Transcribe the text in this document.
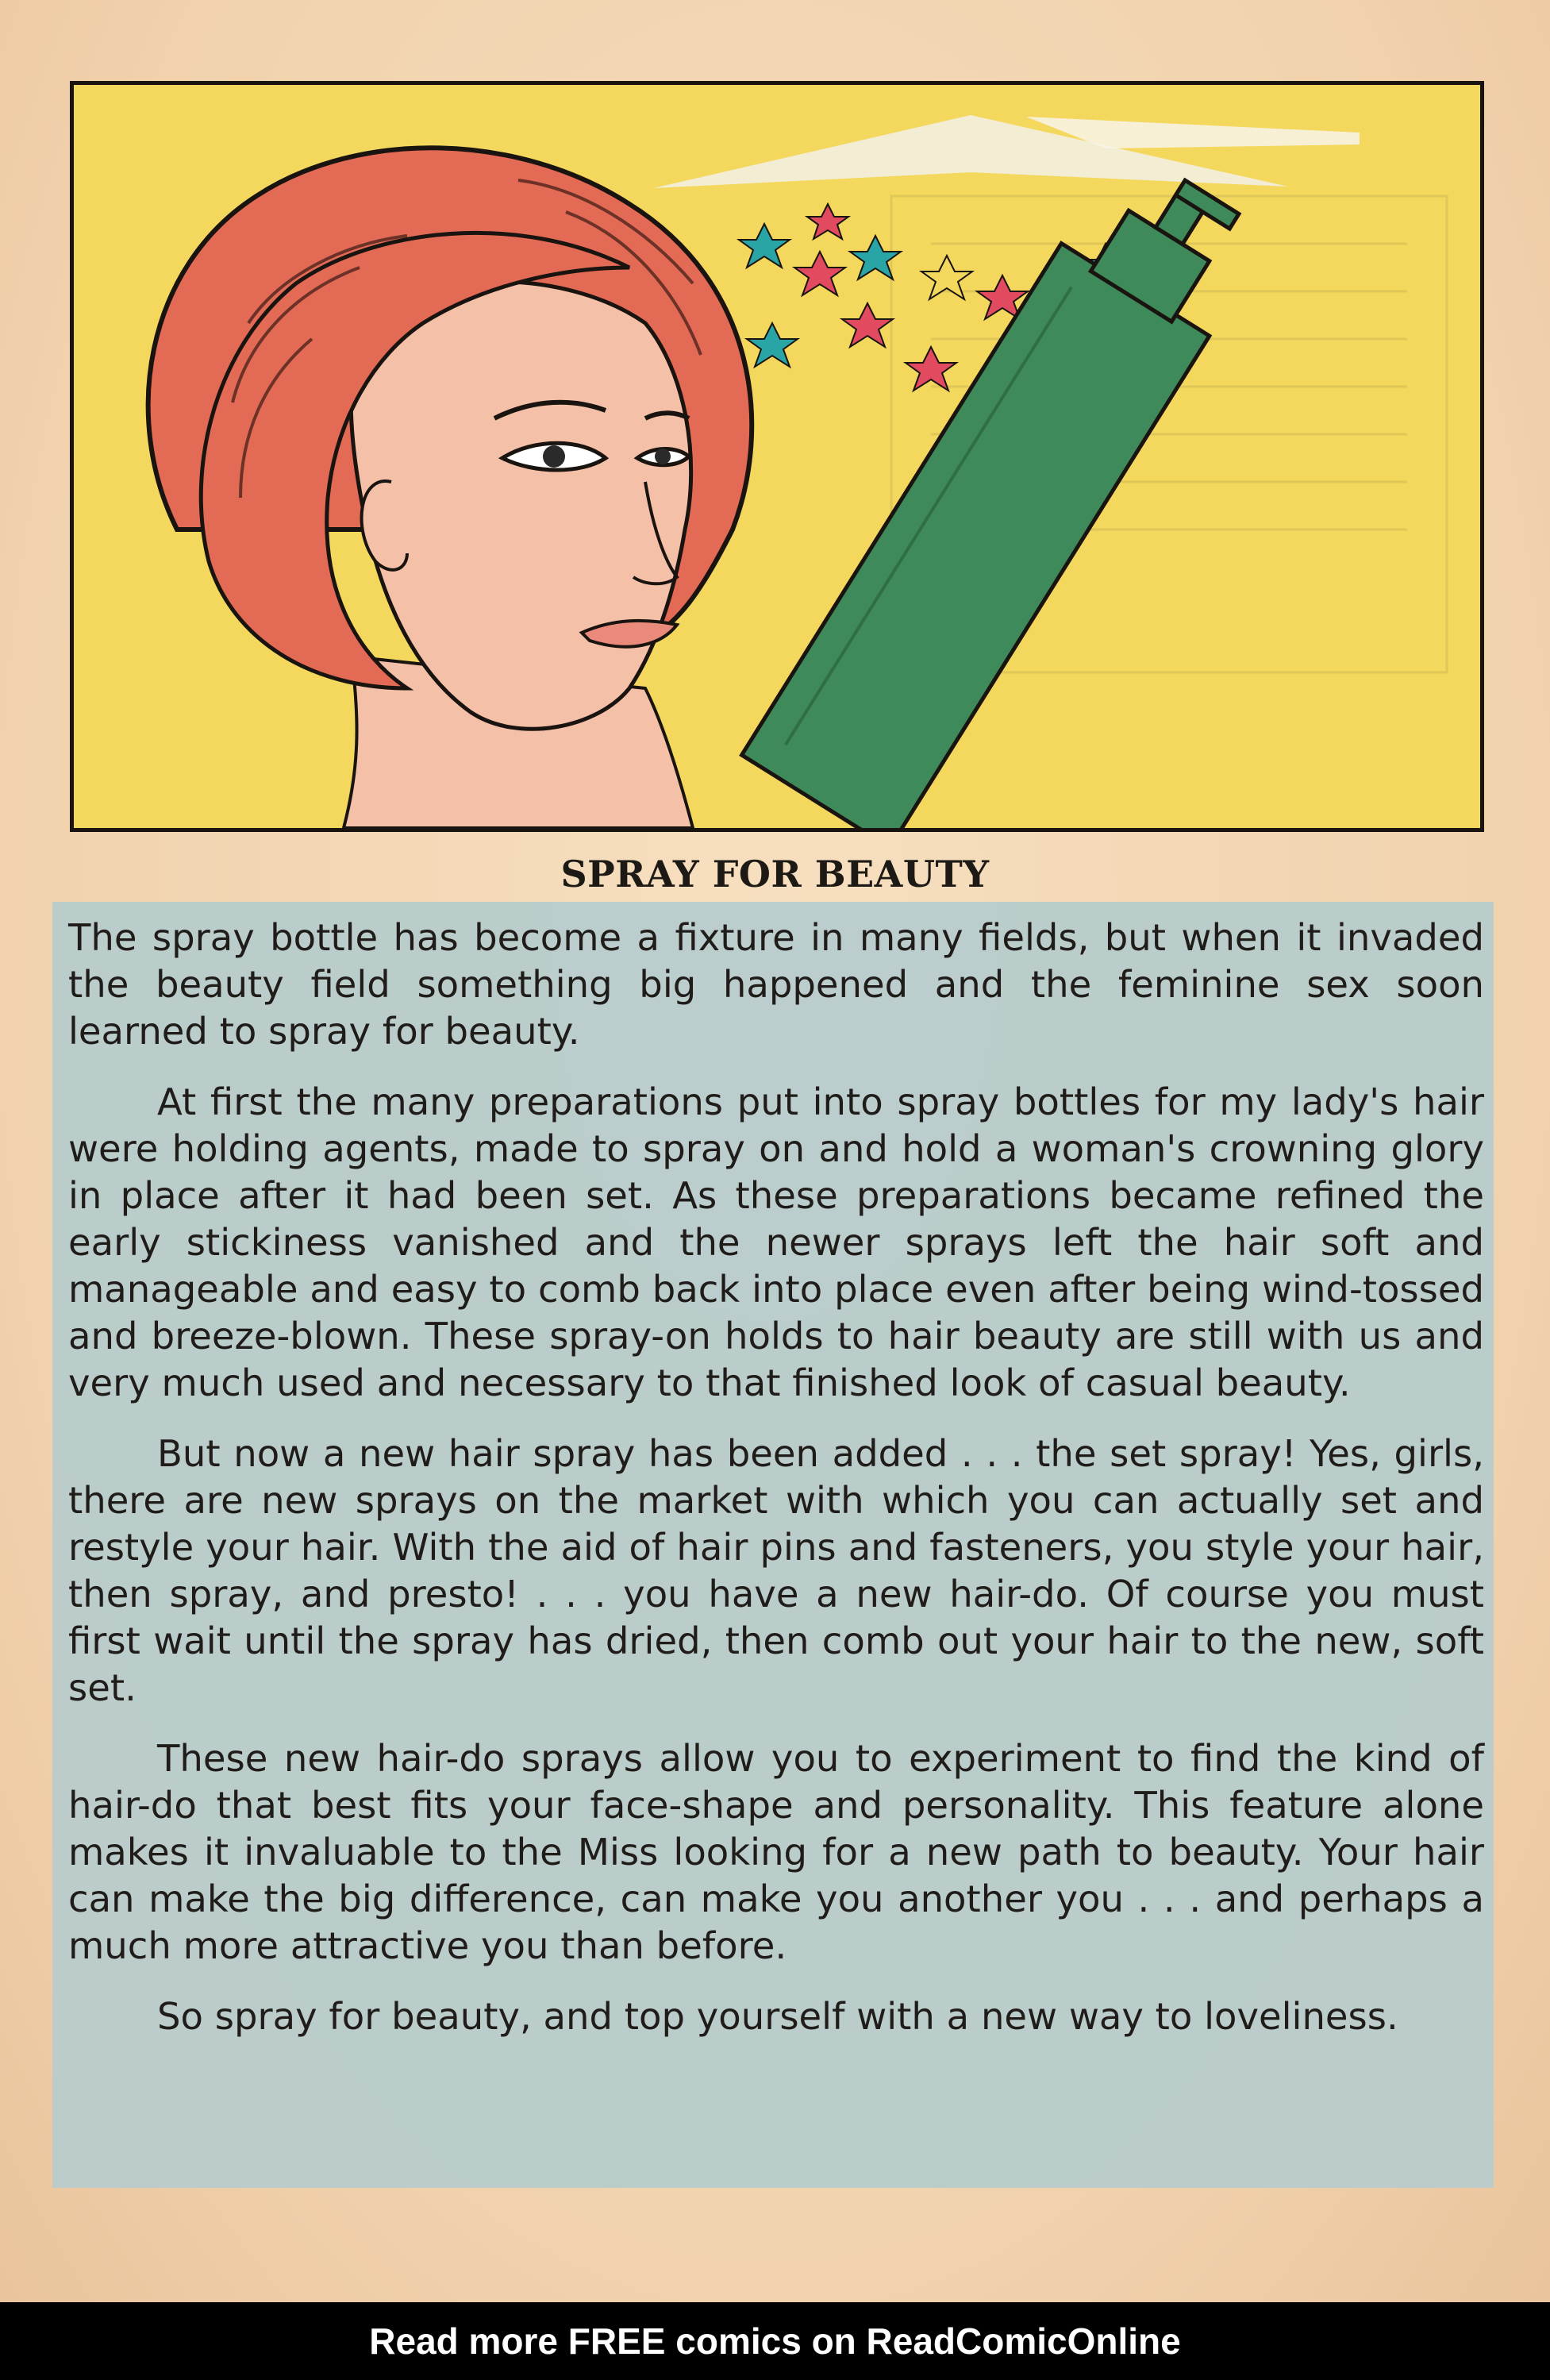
SPRAY FOR BEAUTY

The spray bottle has become a fixture in many fields, but when it invaded the beauty field something big happened and the feminine sex soon learned to spray for beauty.

At first the many preparations put into spray bottles for my lady's hair were holding agents, made to spray on and hold a woman's crowning glory in place after it had been set. As these preparations became refined the early stickiness vanished and the newer sprays left the hair soft and manageable and easy to comb back into place even after being wind-tossed and breeze-blown. These spray-on holds to hair beauty are still with us and very much used and necessary to that finished look of casual beauty.

But now a new hair spray has been added . . . the set spray! Yes, girls, there are new sprays on the market with which you can actually set and restyle your hair. With the aid of hair pins and fasteners, you style your hair, then spray, and presto! . . . you have a new hair-do. Of course you must first wait until the spray has dried, then comb out your hair to the new, soft set.

These new hair-do sprays allow you to experiment to find the kind of hair-do that best fits your face-shape and personality. This feature alone makes it invaluable to the Miss looking for a new path to beauty. Your hair can make the big difference, can make you another you . . . and perhaps a much more attractive you than before.

So spray for beauty, and top yourself with a new way to loveliness.

Read more FREE comics on ReadComicOnline
